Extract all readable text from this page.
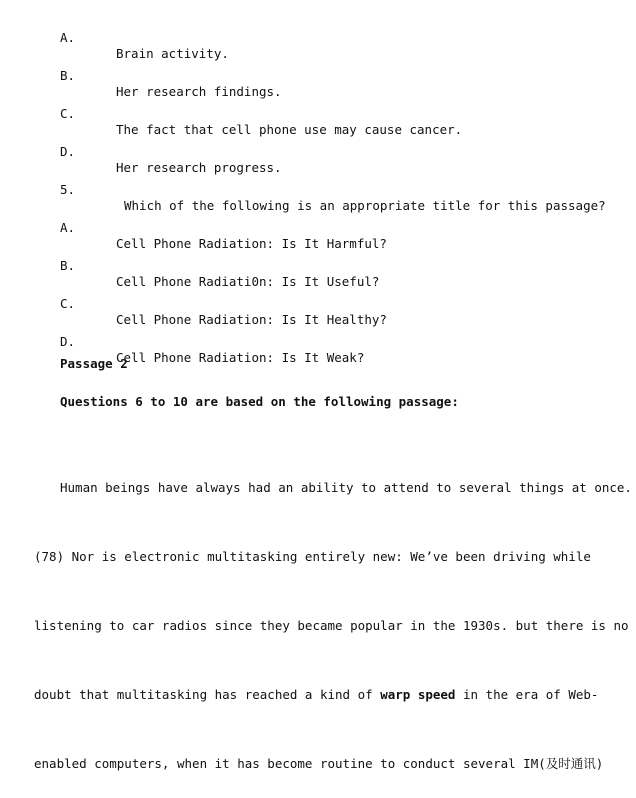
A.

Brain activity.

B.

Her research findings.

C.

The fact that cell phone use may cause cancer.

D.

Her research progress.

5.

Which of the following is an appropriate title for this passage?

A.

Cell Phone Radiation: Is It Harmful?

B.

Cell Phone Radiati0n: Is It Useful?

C.

Cell Phone Radiation: Is It Healthy?

D.

Cell Phone Radiation: Is It Weak?

Passage 2
Questions 6 to 10 are based on the following passage:

Human beings have always had an ability to attend to several things at once.

(78) Nor is electronic multitasking entirely new: We’ve been driving while

listening to car radios since they became popular in the 1930s. but there is no

doubt that multitasking has reached a kind of warp speed in the era of Web-

enabled computers, when it has become routine to conduct several IM(及时通讯)
